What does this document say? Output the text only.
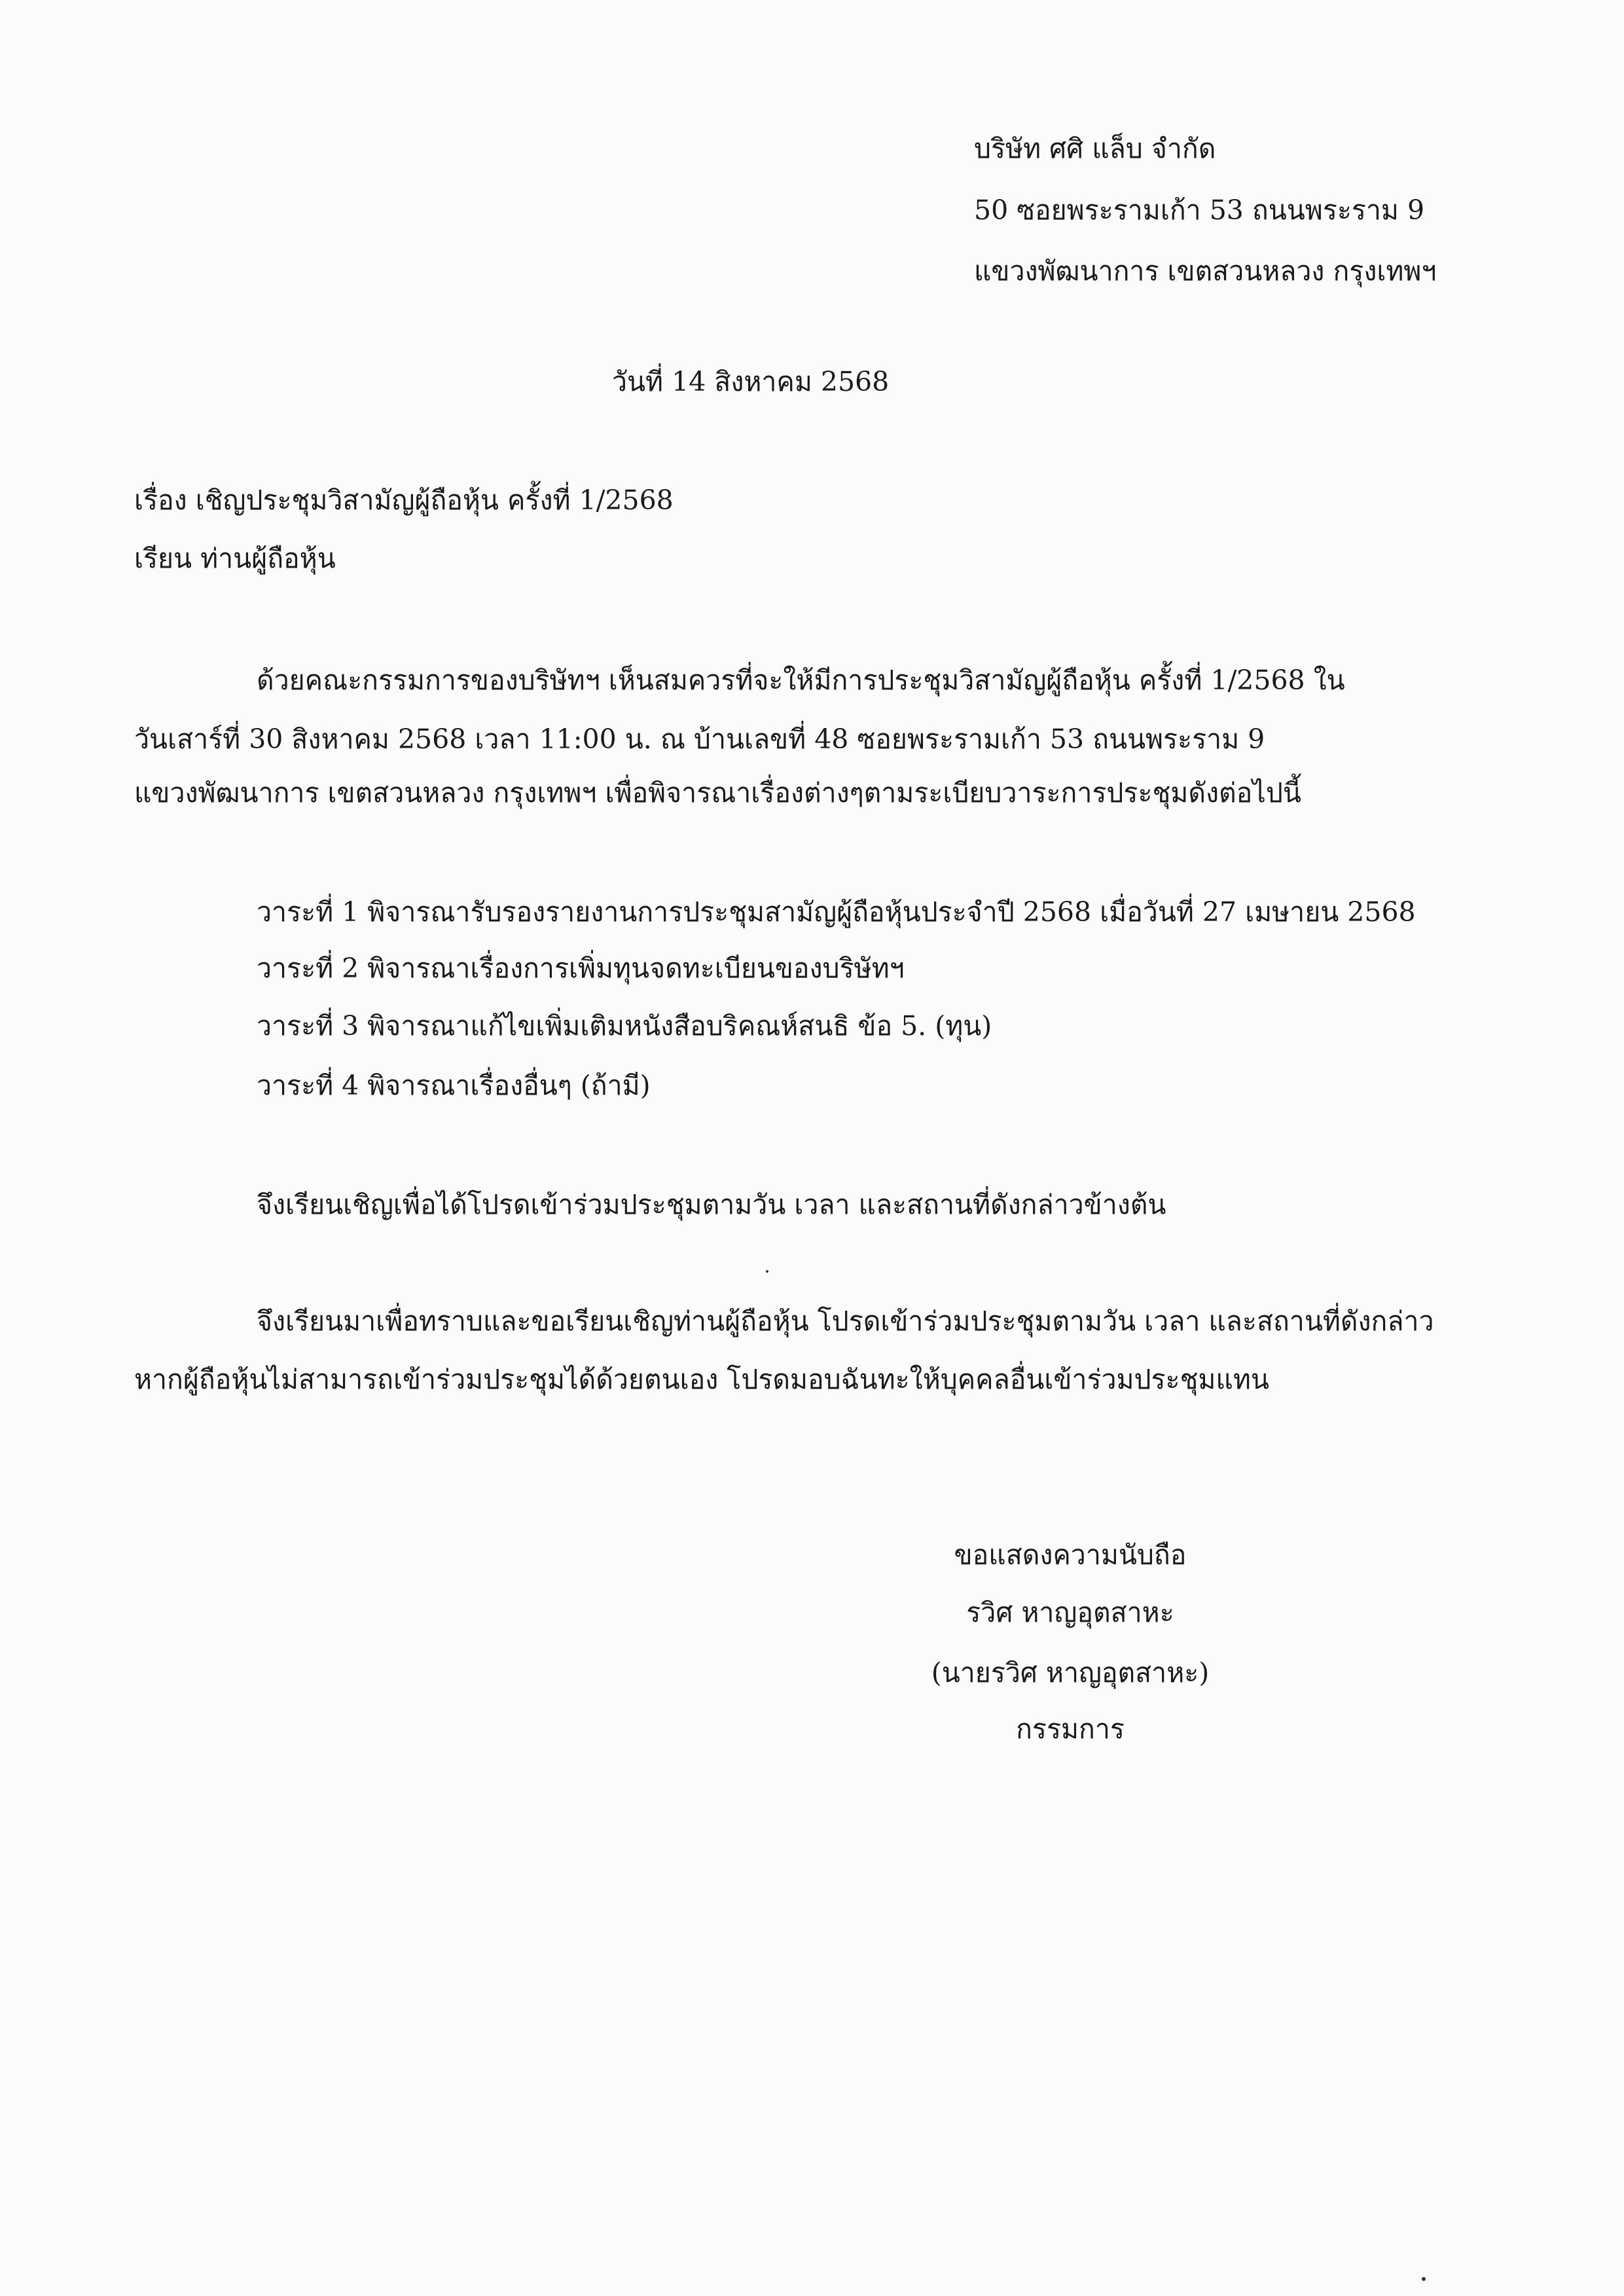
บริษัท ศศิ แล็บ จำกัด
50 ซอยพระรามเก้า 53 ถนนพระราม 9
แขวงพัฒนาการ เขตสวนหลวง กรุงเทพฯ
วันที่ 14 สิงหาคม 2568
เรื่อง เชิญประชุมวิสามัญผู้ถือหุ้น ครั้งที่ 1/2568
เรียน ท่านผู้ถือหุ้น
ด้วยคณะกรรมการของบริษัทฯ เห็นสมควรที่จะให้มีการประชุมวิสามัญผู้ถือหุ้น ครั้งที่ 1/2568 ใน
วันเสาร์ที่ 30 สิงหาคม 2568 เวลา 11:00 น. ณ บ้านเลขที่ 48 ซอยพระรามเก้า 53 ถนนพระราม 9
แขวงพัฒนาการ เขตสวนหลวง กรุงเทพฯ เพื่อพิจารณาเรื่องต่างๆตามระเบียบวาระการประชุมดังต่อไปนี้
วาระที่ 1 พิจารณารับรองรายงานการประชุมสามัญผู้ถือหุ้นประจำปี 2568 เมื่อวันที่ 27 เมษายน 2568
วาระที่ 2 พิจารณาเรื่องการเพิ่มทุนจดทะเบียนของบริษัทฯ
วาระที่ 3 พิจารณาแก้ไขเพิ่มเติมหนังสือบริคณห์สนธิ ข้อ 5. (ทุน)
วาระที่ 4 พิจารณาเรื่องอื่นๆ (ถ้ามี)
จึงเรียนเชิญเพื่อได้โปรดเข้าร่วมประชุมตามวัน เวลา และสถานที่ดังกล่าวข้างต้น
จึงเรียนมาเพื่อทราบและขอเรียนเชิญท่านผู้ถือหุ้น โปรดเข้าร่วมประชุมตามวัน เวลา และสถานที่ดังกล่าว
หากผู้ถือหุ้นไม่สามารถเข้าร่วมประชุมได้ด้วยตนเอง โปรดมอบฉันทะให้บุคคลอื่นเข้าร่วมประชุมแทน
ขอแสดงความนับถือ
รวิศ หาญอุตสาหะ
(นายรวิศ หาญอุตสาหะ)
กรรมการ
